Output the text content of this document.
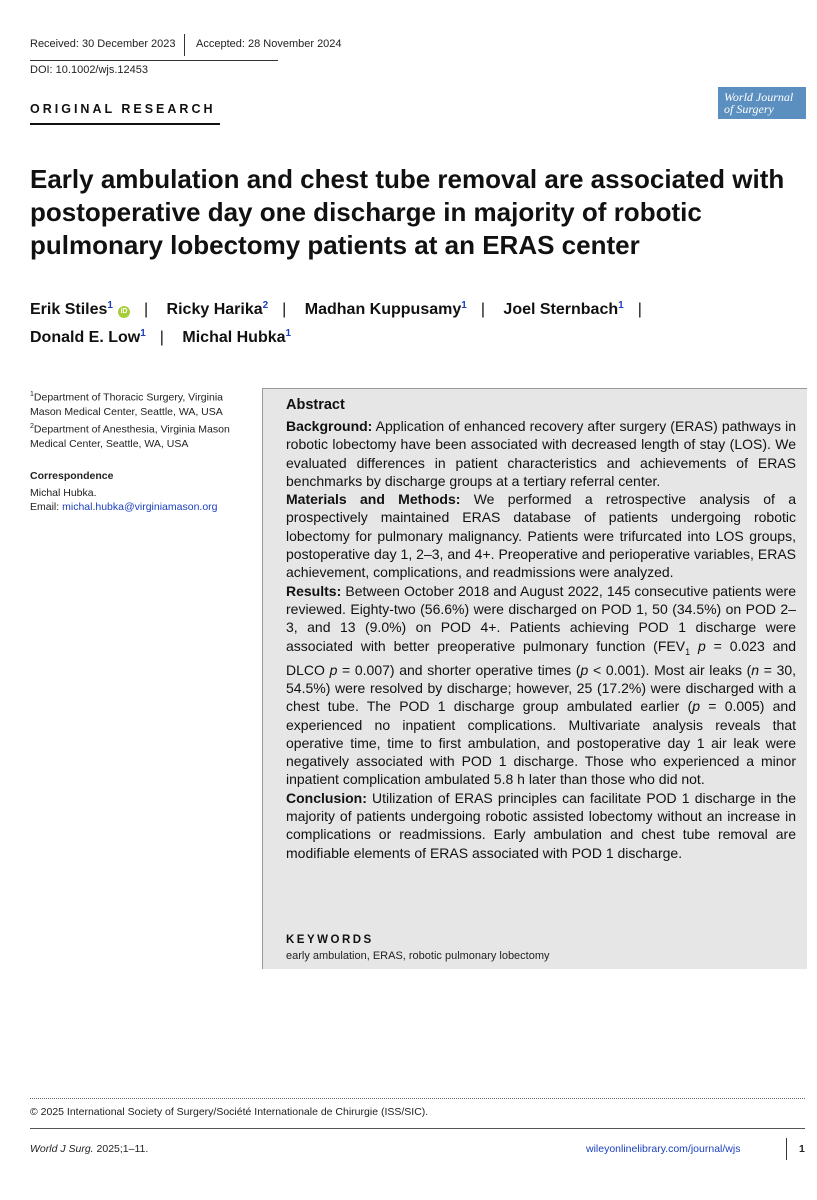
Received: 30 December 2023 Accepted: 28 November 2024
DOI: 10.1002/wjs.12453
ORIGINAL RESEARCH
World Journal
of Surgery
Early ambulation and chest tube removal are associated with postoperative day one discharge in majority of robotic pulmonary lobectomy patients at an ERAS center
Erik Stiles$^1$iD | Ricky Harika$^2$ | Madhan Kuppusamy$^1$ | Joel Sternbach$^1$ |
Donald E. Low$^1$ | Michal Hubka$^1$
$^1$Department of Thoracic Surgery, Virginia Mason Medical Center, Seattle, WA, USA
$^2$Department of Anesthesia, Virginia Mason Medical Center, Seattle, WA, USA
Correspondence
Michal Hubka.
Email: michal.hubka@virginiamason.org
Abstract
Background: Application of enhanced recovery after surgery (ERAS) pathways in robotic lobectomy have been associated with decreased length of stay (LOS). We evaluated differences in patient characteristics and achievements of ERAS benchmarks by discharge groups at a tertiary referral center.
Materials and Methods: We performed a retrospective analysis of a prospectively maintained ERAS database of patients undergoing robotic lobectomy for pulmonary malignancy. Patients were trifurcated into LOS groups, postoperative day 1, 2–3, and 4+. Preoperative and perioperative variables, ERAS achievement, complications, and readmissions were analyzed.
Results: Between October 2018 and August 2022, 145 consecutive patients were reviewed. Eighty-two (56.6%) were discharged on POD 1, 50 (34.5%) on POD 2–3, and 13 (9.0%) on POD 4+. Patients achieving POD 1 discharge were associated with better preoperative pulmonary function ($FEV_1$ p = 0.023 and DLCO p = 0.007) and shorter operative times (p < 0.001). Most air leaks (n = 30, 54.5%) were resolved by discharge; however, 25 (17.2%) were discharged with a chest tube. The POD 1 discharge group ambulated earlier (p = 0.005) and experienced no inpatient complications. Multivariate analysis reveals that operative time, time to first ambulation, and postoperative day 1 air leak were negatively associated with POD 1 discharge. Those who experienced a minor inpatient complication ambulated 5.8 h later than those who did not.
Conclusion: Utilization of ERAS principles can facilitate POD 1 discharge in the majority of patients undergoing robotic assisted lobectomy without an increase in complications or readmissions. Early ambulation and chest tube removal are modifiable elements of ERAS associated with POD 1 discharge.
KEYWORDS
early ambulation, ERAS, robotic pulmonary lobectomy
© 2025 International Society of Surgery/Société Internationale de Chirurgie (ISS/SIC).
World J Surg. 2025;1–11.	wileyonlinelibrary.com/journal/wjs	1
